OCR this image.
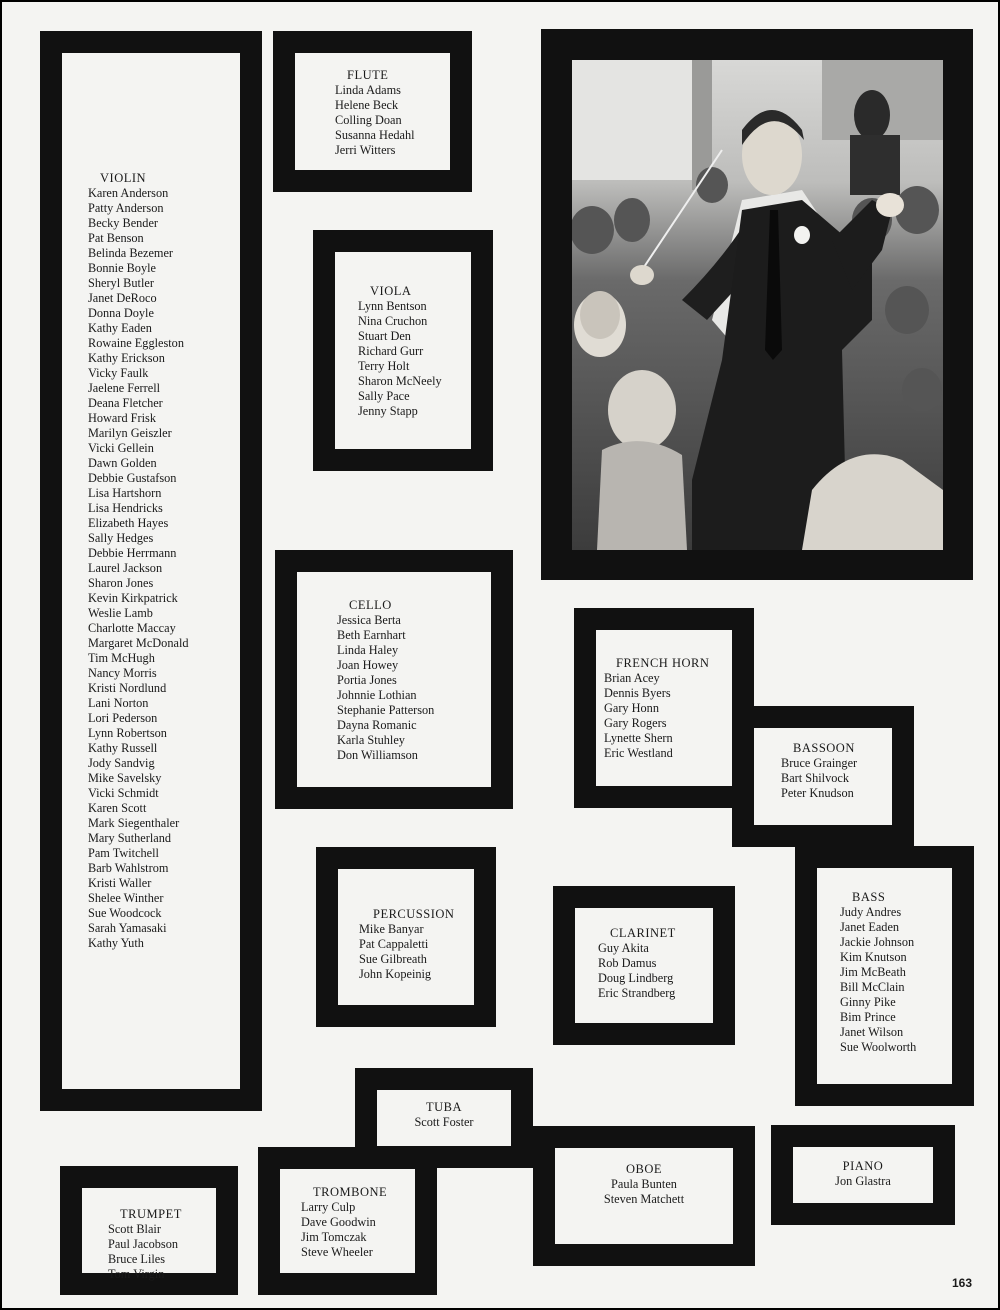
VIOLIN
Karen Anderson
Patty Anderson
Becky Bender
Pat Benson
Belinda Bezemer
Bonnie Boyle
Sheryl Butler
Janet DeRoco
Donna Doyle
Kathy Eaden
Rowaine Eggleston
Kathy Erickson
Vicky Faulk
Jaelene Ferrell
Deana Fletcher
Howard Frisk
Marilyn Geiszler
Vicki Gellein
Dawn Golden
Debbie Gustafson
Lisa Hartshorn
Lisa Hendricks
Elizabeth Hayes
Sally Hedges
Debbie Herrmann
Laurel Jackson
Sharon Jones
Kevin Kirkpatrick
Weslie Lamb
Charlotte Maccay
Margaret McDonald
Tim McHugh
Nancy Morris
Kristi Nordlund
Lani Norton
Lori Pederson
Lynn Robertson
Kathy Russell
Jody Sandvig
Mike Savelsky
Vicki Schmidt
Karen Scott
Mark Siegenthaler
Mary Sutherland
Pam Twitchell
Barb Wahlstrom
Kristi Waller
Shelee Winther
Sue Woodcock
Sarah Yamasaki
Kathy Yuth
FLUTE
Linda Adams
Helene Beck
Colling Doan
Susanna Hedahl
Jerri Witters
VIOLA
Lynn Bentson
Nina Cruchon
Stuart Den
Richard Gurr
Terry Holt
Sharon McNeely
Sally Pace
Jenny Stapp
CELLO
Jessica Berta
Beth Earnhart
Linda Haley
Joan Howey
Portia Jones
Johnnie Lothian
Stephanie Patterson
Dayna Romanic
Karla Stuhley
Don Williamson
FRENCH HORN
Brian Acey
Dennis Byers
Gary Honn
Gary Rogers
Lynette Shern
Eric Westland	BASSOON
Bruce Grainger
Bart Shilvock
Peter Knudson
BASS
Judy Andres
Janet Eaden
Jackie Johnson
Kim Knutson
Jim McBeath
Bill McClain
Ginny Pike
Bim Prince
Janet Wilson
Sue Woolworth
PERCUSSION
Mike Banyar
Pat Cappaletti
Sue Gilbreath
John Kopeinig
CLARINET
Guy Akita
Rob Damus
Doug Lindberg
Eric Strandberg
TUBA
Scott Foster
OBOE
Paula Bunten
Steven Matchett
PIANO
Jon Glastra
TROMBONE
Larry Culp
Dave Goodwin
Jim Tomczak
Steve Wheeler
TRUMPET
Scott Blair
Paul Jacobson
Bruce Liles
Tom Virgin
163
